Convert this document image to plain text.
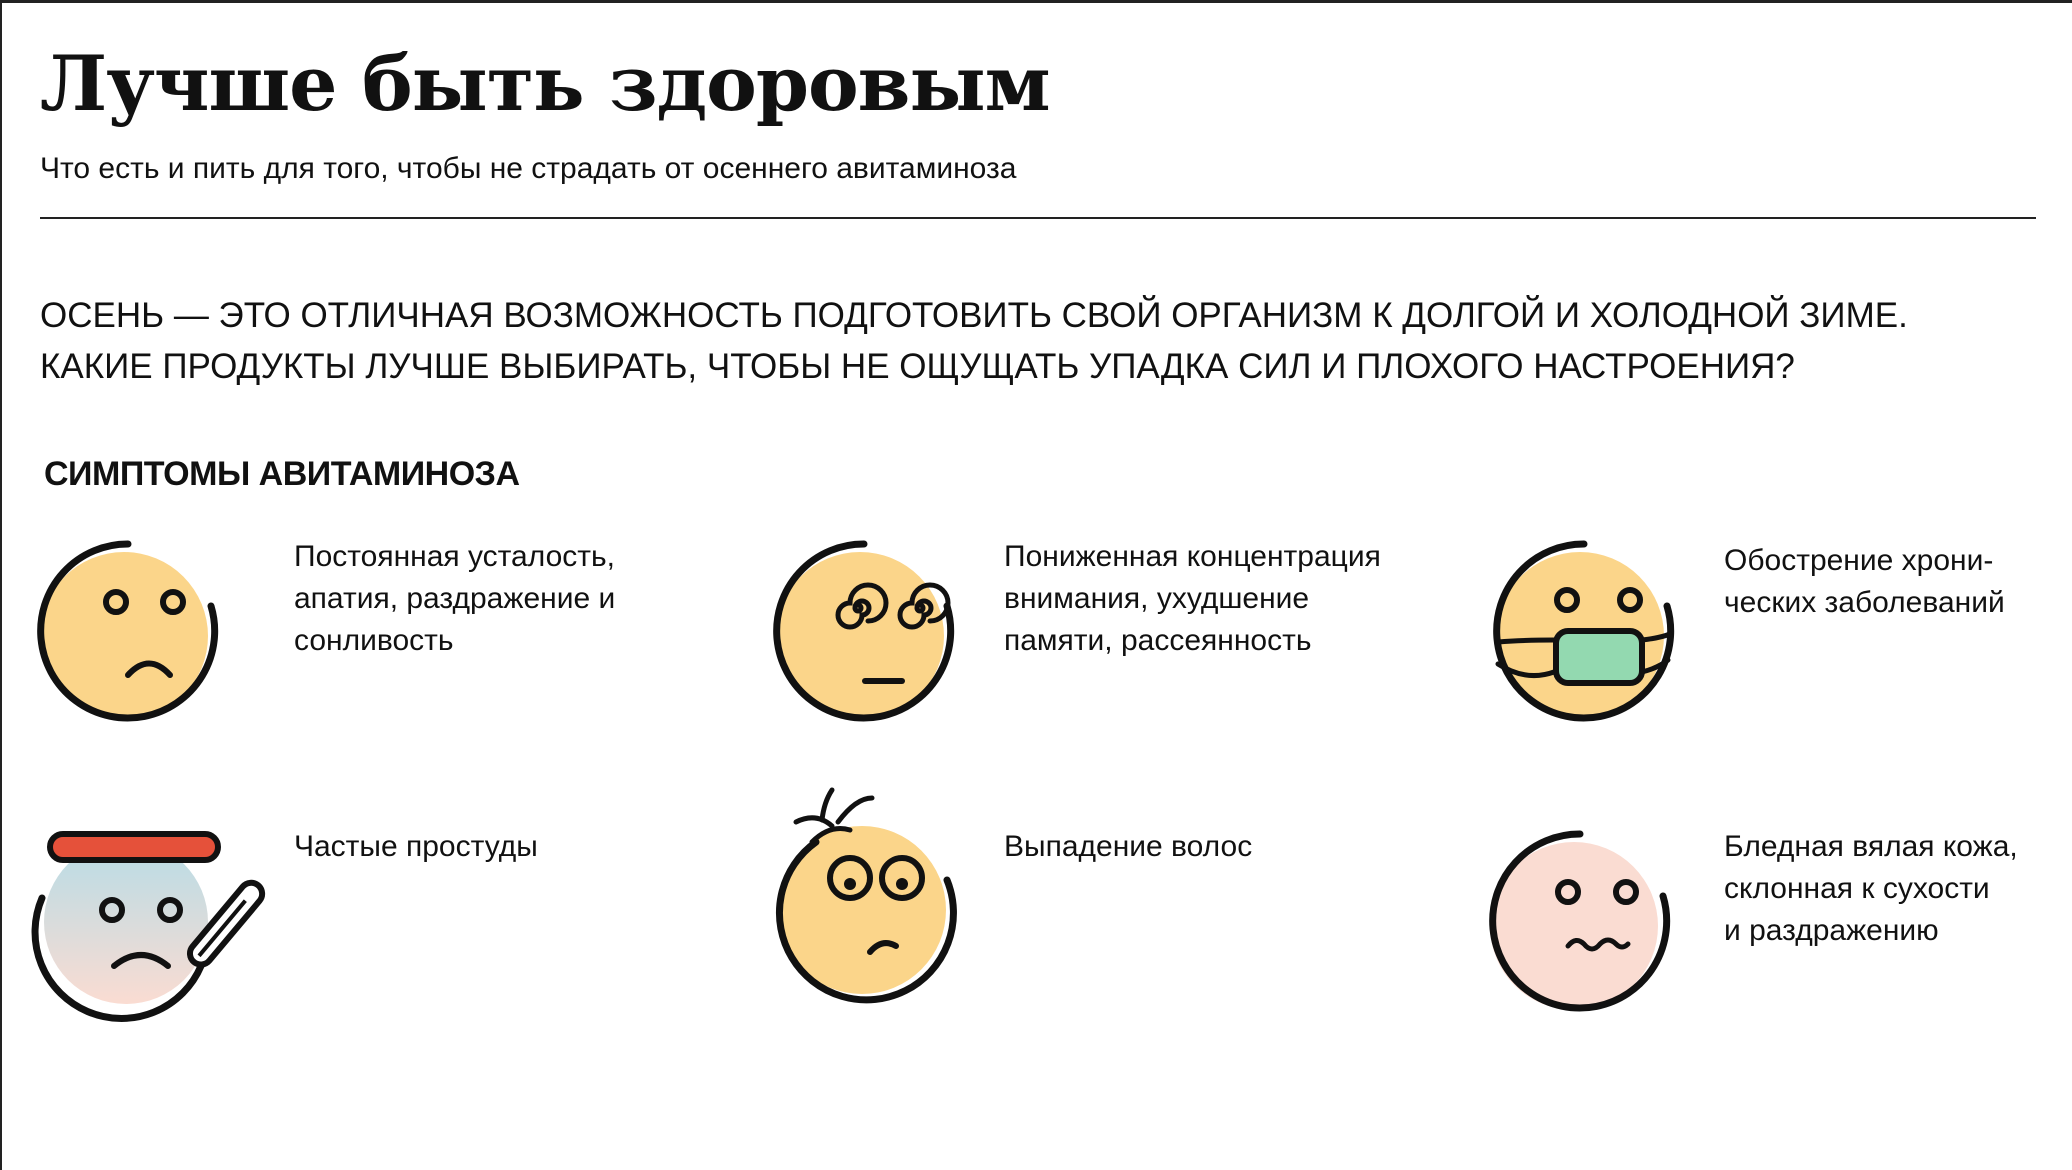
Лучше быть здоровым
Что есть и пить для того, чтобы не страдать от осеннего авитаминоза
ОСЕНЬ — ЭТО ОТЛИЧНАЯ ВОЗМОЖНОСТЬ ПОДГОТОВИТЬ СВОЙ ОРГАНИЗМ К ДОЛГОЙ И ХОЛОДНОЙ ЗИМЕ.
КАКИЕ ПРОДУКТЫ ЛУЧШЕ ВЫБИРАТЬ, ЧТОБЫ НЕ ОЩУЩАТЬ УПАДКА СИЛ И ПЛОХОГО НАСТРОЕНИЯ?
СИМПТОМЫ АВИТАМИНОЗА
Постоянная усталость,
апатия, раздражение и
сонливость
Пониженная концентрация
внимания, ухудшение
памяти, рассеянность
Обострение хрони-
ческих заболеваний
Частые простуды	Выпадение волос	Бледная вялая кожа,
склонная к сухости
и раздражению
